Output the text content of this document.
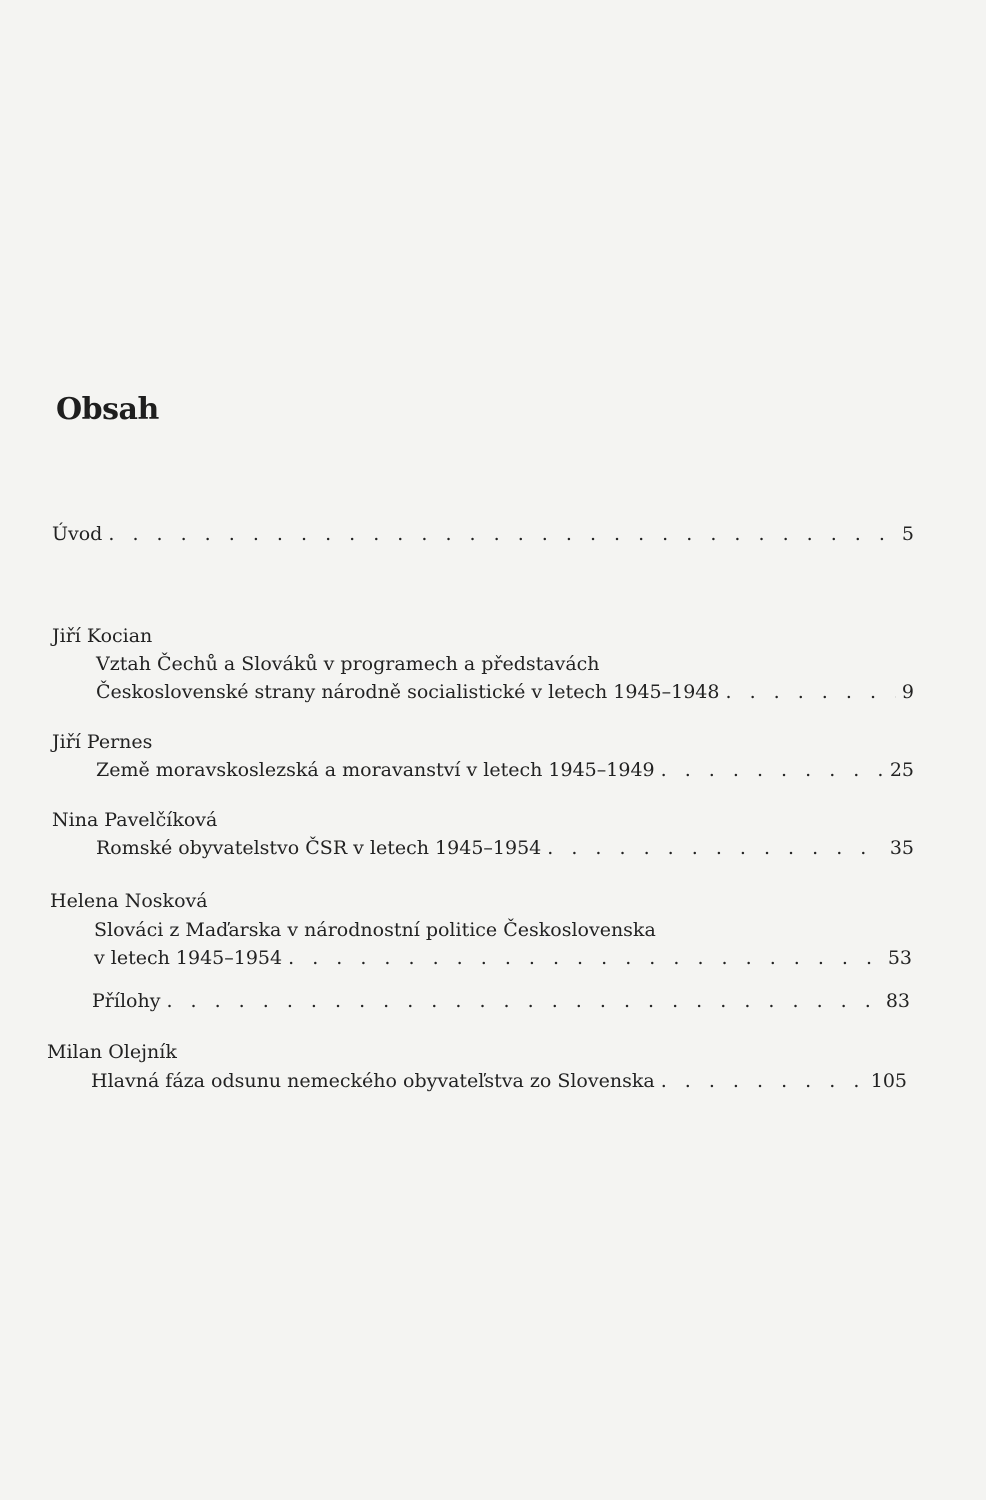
Obsah
Úvod . . .	5
Jiří Kocian
Vztah Čechů a Slováků v programech a představách
Československé strany národně socialistické v letech 1945–1948 . . .	9
Jiří Pernes
Země moravskoslezská a moravanství v letech 1945–1949 . . .	25
Nina Pavelčíková
Romské obyvatelstvo ČSR v letech 1945–1954 . . .	35
Helena Nosková
Slováci z Maďarska v národnostní politice Československa
v letech 1945–1954 . . .	53
Přílohy . . .	83
Milan Olejník
Hlavná fáza odsunu nemeckého obyvateľstva zo Slovenska . . .	105
